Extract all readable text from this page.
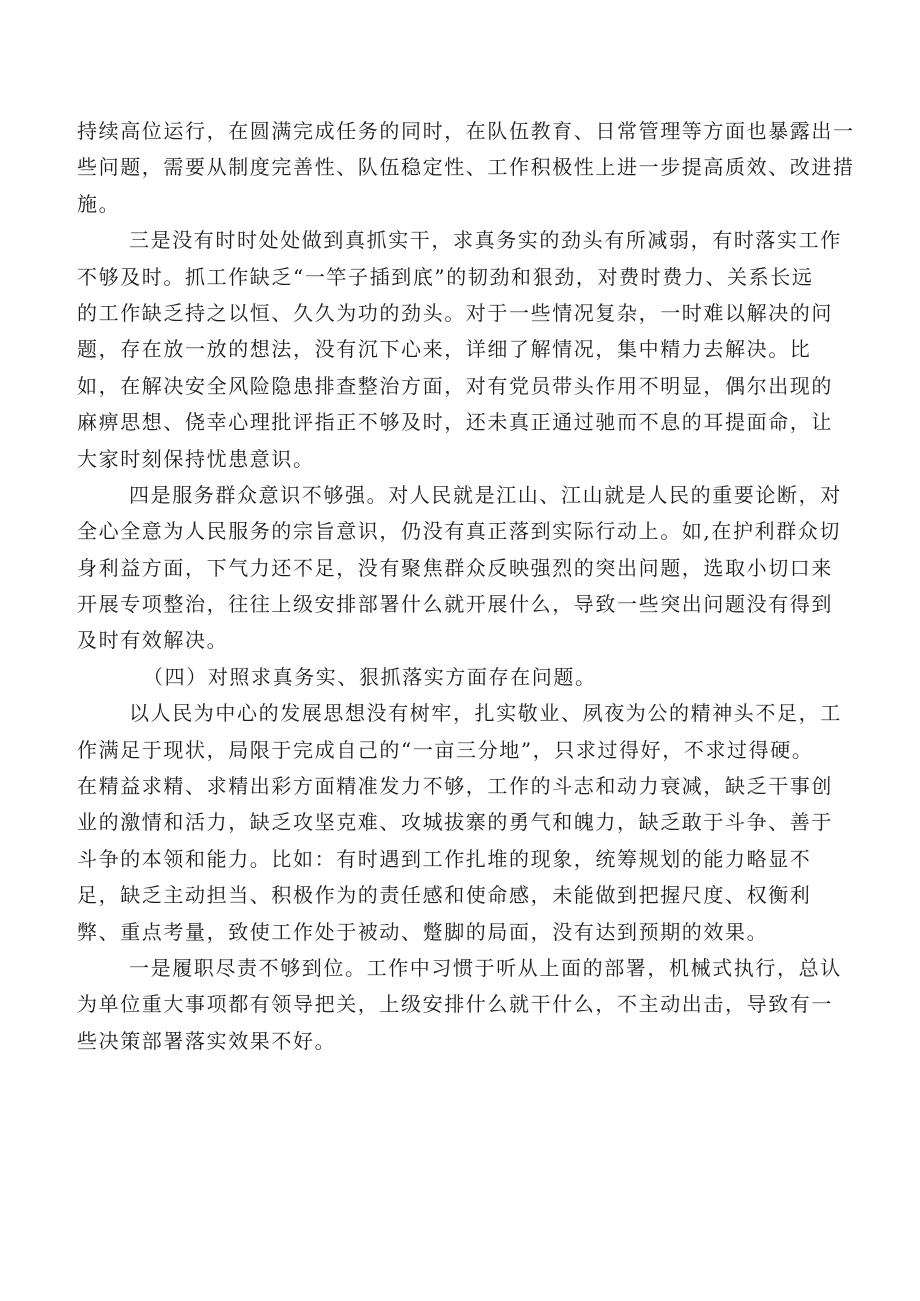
持续高位运行，在圆满完成任务的同时，在队伍教育、日常管理等方面也暴露出一
些问题，需要从制度完善性、队伍稳定性、工作积极性上进一步提高质效、改进措
施。
三是没有时时处处做到真抓实干，求真务实的劲头有所减弱，有时落实工作
不够及时。抓工作缺乏“一竿子插到底”的韧劲和狠劲，对费时费力、关系长远
的工作缺乏持之以恒、久久为功的劲头。对于一些情况复杂，一时难以解决的问
题，存在放一放的想法，没有沉下心来，详细了解情况，集中精力去解决。比
如，在解决安全风险隐患排查整治方面，对有党员带头作用不明显，偶尔出现的
麻痹思想、侥幸心理批评指正不够及时，还未真正通过驰而不息的耳提面命，让
大家时刻保持忧患意识。
四是服务群众意识不够强。对人民就是江山、江山就是人民的重要论断，对
全心全意为人民服务的宗旨意识，仍没有真正落到实际行动上。如,在护利群众切
身利益方面，下气力还不足，没有聚焦群众反映强烈的突出问题，选取小切口来
开展专项整治，往往上级安排部署什么就开展什么，导致一些突出问题没有得到
及时有效解决。
（四）对照求真务实、狠抓落实方面存在问题。
以人民为中心的发展思想没有树牢，扎实敬业、夙夜为公的精神头不足，工
作满足于现状，局限于完成自己的“一亩三分地”，只求过得好，不求过得硬。
在精益求精、求精出彩方面精准发力不够，工作的斗志和动力衰减，缺乏干事创
业的激情和活力，缺乏攻坚克难、攻城拔寨的勇气和魄力，缺乏敢于斗争、善于
斗争的本领和能力。比如：有时遇到工作扎堆的现象，统筹规划的能力略显不
足，缺乏主动担当、积极作为的责任感和使命感，未能做到把握尺度、权衡利
弊、重点考量，致使工作处于被动、蹩脚的局面，没有达到预期的效果。
一是履职尽责不够到位。工作中习惯于听从上面的部署，机械式执行，总认
为单位重大事项都有领导把关，上级安排什么就干什么，不主动出击，导致有一
些决策部署落实效果不好。
